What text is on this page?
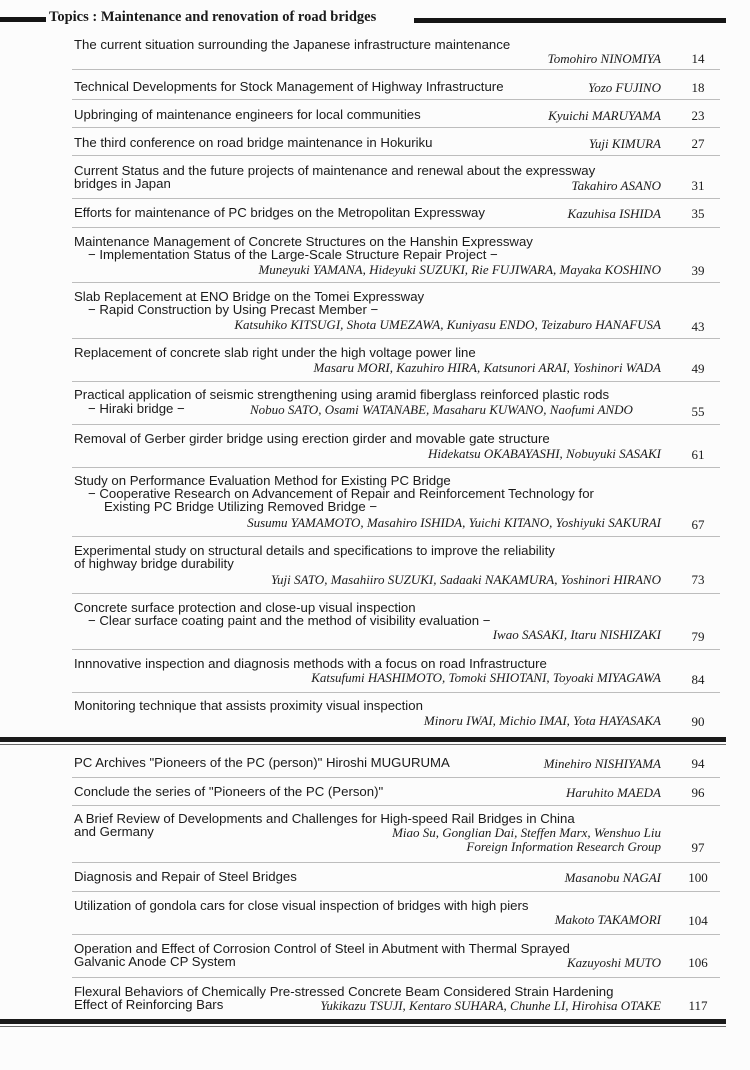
Topics : Maintenance and renovation of road bridges
The current situation surrounding the Japanese infrastructure maintenance
Tomohiro NINOMIYA	14
Technical Developments for Stock Management of Highway Infrastructure	Yozo FUJINO	18
Upbringing of maintenance engineers for local communities	Kyuichi MARUYAMA	23
The third conference on road bridge maintenance in Hokuriku	Yuji KIMURA	27
Current Status and the future projects of maintenance and renewal about the expressway
bridges in Japan	Takahiro ASANO	31
Efforts for maintenance of PC bridges on the Metropolitan Expressway	Kazuhisa ISHIDA	35
Maintenance Management of Concrete Structures on the Hanshin Expressway
− Implementation Status of the Large-Scale Structure Repair Project −
Muneyuki YAMANA, Hideyuki SUZUKI, Rie FUJIWARA, Mayaka KOSHINO	39
Slab Replacement at ENO Bridge on the Tomei Expressway
− Rapid Construction by Using Precast Member −
Katsuhiko KITSUGI, Shota UMEZAWA, Kuniyasu ENDO, Teizaburo HANAFUSA	43
Replacement of concrete slab right under the high voltage power line
Masaru MORI, Kazuhiro HIRA, Katsunori ARAI, Yoshinori WADA	49
Practical application of seismic strengthening using aramid fiberglass reinforced plastic rods
− Hiraki bridge −	Nobuo SATO, Osami WATANABE, Masaharu KUWANO, Naofumi ANDO	55
Removal of Gerber girder bridge using erection girder and movable gate structure
Hidekatsu OKABAYASHI, Nobuyuki SASAKI	61
Study on Performance Evaluation Method for Existing PC Bridge
− Cooperative Research on Advancement of Repair and Reinforcement Technology for
Existing PC Bridge Utilizing Removed Bridge −
Susumu YAMAMOTO, Masahiro ISHIDA, Yuichi KITANO, Yoshiyuki SAKURAI	67
Experimental study on structural details and specifications to improve the reliability
of highway bridge durability
Yuji SATO, Masahiiro SUZUKI, Sadaaki NAKAMURA, Yoshinori HIRANO	73
Concrete surface protection and close-up visual inspection
− Clear surface coating paint and the method of visibility evaluation −
Iwao SASAKI, Itaru NISHIZAKI	79
Innnovative inspection and diagnosis methods with a focus on road Infrastructure
Katsufumi HASHIMOTO, Tomoki SHIOTANI, Toyoaki MIYAGAWA	84
Monitoring technique that assists proximity visual inspection
Minoru IWAI, Michio IMAI, Yota HAYASAKA	90
PC Archives "Pioneers of the PC (person)" Hiroshi MUGURUMA	Minehiro NISHIYAMA	94
Conclude the series of "Pioneers of the PC (Person)"	Haruhito MAEDA	96
A Brief Review of Developments and Challenges for High-speed Rail Bridges in China
and Germany	Miao Su, Gonglian Dai, Steffen Marx, Wenshuo Liu
Foreign Information Research Group	97
Diagnosis and Repair of Steel Bridges	Masanobu NAGAI	100
Utilization of gondola cars for close visual inspection of bridges with high piers
Makoto TAKAMORI	104
Operation and Effect of Corrosion Control of Steel in Abutment with Thermal Sprayed
Galvanic Anode CP System	Kazuyoshi MUTO	106
Flexural Behaviors of Chemically Pre-stressed Concrete Beam Considered Strain Hardening
Effect of Reinforcing Bars	Yukikazu TSUJI, Kentaro SUHARA, Chunhe LI, Hirohisa OTAKE	117
